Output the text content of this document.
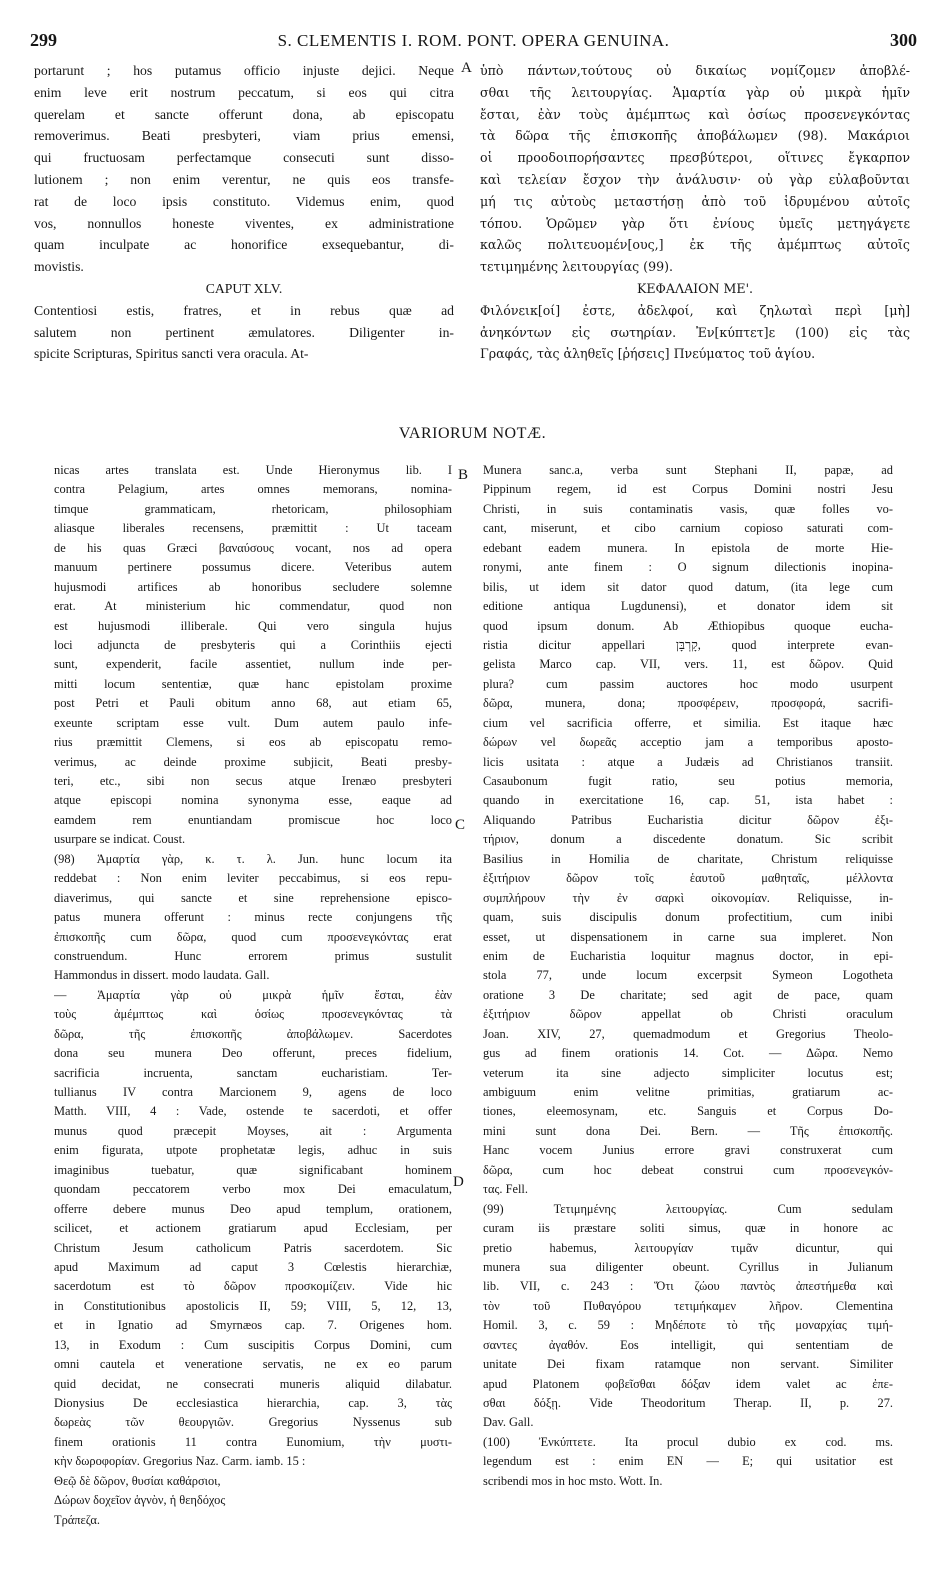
299	S. CLEMENTIS I. ROM. PONT. OPERA GENUINA.	300
portarunt ; hos putamus officio injuste dejici. Neque
enim leve erit nostrum peccatum, si eos qui citra
querelam et sancte offerunt dona, ab episcopatu
removerimus. Beati presbyteri, viam prius emensi,
qui fructuosam perfectamque consecuti sunt disso-
lutionem ; non enim verentur, ne quis eos transfe-
rat de loco ipsis constituto. Videmus enim, quod
vos, nonnullos honeste viventes, ex administratione
quam inculpate ac honorifice exsequebantur, di-
movistis.
CAPUT XLV.
Contentiosi estis, fratres, et in rebus quæ ad
salutem non pertinent æmulatores. Diligenter in-
spicite Scripturas, Spiritus sancti vera oracula. At-
ὑπὸ πάντων,τούτους οὐ δικαίως νομίζομεν ἀποβλέ-
σθαι τῆς λειτουργίας. Ἁμαρτία γὰρ οὐ μικρὰ ἡμῖν
ἔσται, ἐὰν τοὺς ἀμέμπτως καὶ ὁσίως προσενεγκόντας
τὰ δῶρα τῆς ἐπισκοπῆς ἀποβάλωμεν (98). Μακάριοι
οἱ προοδοιπορήσαντες πρεσβύτεροι, οἵτινες ἔγκαρπον
καὶ τελείαν ἔσχον τὴν ἀνάλυσιν· οὐ γὰρ εὐλαβοῦνται
μή τις αὐτοὺς μεταστήσῃ ἀπὸ τοῦ ἱδρυμένου αὐτοῖς
τόπου. Ὁρῶμεν γὰρ ὅτι ἐνίους ὑμεῖς μετηγάγετε
καλῶς πολιτευομέν[ους,] ἐκ τῆς ἀμέμπτως αὐτοῖς
τετιμημένης λειτουργίας (99).
ΚΕΦΑΛΑΙΟΝ ΜΕ'.
Φιλόνεικ[οί] ἐστε, ἀδελφοί, καὶ ζηλωταὶ περὶ [μὴ]
ἀνηκόντων εἰς σωτηρίαν. Ἐν[κύπτετ]ε (100) εἰς τὰς
Γραφάς, τὰς ἀληθεῖς [ῥήσεις] Πνεύματος τοῦ ἁγίου.
A
VARIORUM NOTÆ.
nicas artes translata est. Unde Hieronymus lib. I
contra Pelagium, artes omnes memorans, nomina-
timque grammaticam, rhetoricam, philosophiam
aliasque liberales recensens, præmittit : Ut taceam
de his quas Græci βαναύσους vocant, nos ad opera
manuum pertinere possumus dicere. Veteribus autem
hujusmodi artifices ab honoribus secludere solemne
erat. At ministerium hic commendatur, quod non
est hujusmodi illiberale. Qui vero singula hujus
loci adjuncta de presbyteris qui a Corinthiis ejecti
sunt, expenderit, facile assentiet, nullum inde per-
mitti locum sententiæ, quæ hanc epistolam proxime
post Petri et Pauli obitum anno 68, aut etiam 65,
exeunte scriptam esse vult. Dum autem paulo infe-
rius præmittit Clemens, si eos ab episcopatu remo-
verimus, ac deinde proxime subjicit, Beati presby-
teri, etc., sibi non secus atque Irenæo presbyteri
atque episcopi nomina synonyma esse, eaque ad
eamdem rem enuntiandam promiscue hoc loco
usurpare se indicat. Coust.
(98) Ἁμαρτία γὰρ, κ. τ. λ. Jun. hunc locum ita
reddebat : Non enim leviter peccabimus, si eos repu-
diaverimus, qui sancte et sine reprehensione episco-
patus munera offerunt : minus recte conjungens τῆς
ἐπισκοπῆς cum δῶρα, quod cum προσενεγκόντας erat
construendum. Hunc errorem primus sustulit
Hammondus in dissert. modo laudata. Gall.
— Ἁμαρτία γὰρ οὐ μικρὰ ἡμῖν ἔσται, ἐὰν
τοὺς ἀμέμπτως καὶ ὁσίως προσενεγκόντας τὰ
δῶρα, τῆς ἐπισκοπῆς ἀποβάλωμεν. Sacerdotes
dona seu munera Deo offerunt, preces fidelium,
sacrificia incruenta, sanctam eucharistiam. Ter-
tullianus IV contra Marcionem 9, agens de loco
Matth. VIII, 4 : Vade, ostende te sacerdoti, et offer
munus quod præcepit Moyses, ait : Argumenta
enim figurata, utpote prophetatæ legis, adhuc in suis
imaginibus tuebatur, quæ significabant hominem
quondam peccatorem verbo mox Dei emaculatum,
offerre debere munus Deo apud templum, orationem,
scilicet, et actionem gratiarum apud Ecclesiam, per
Christum Jesum catholicum Patris sacerdotem. Sic
apud Maximum ad caput 3 Cœlestis hierarchiæ,
sacerdotum est τὸ δῶρον προσκομίζειν. Vide hic
in Constitutionibus apostolicis II, 59; VIII, 5, 12, 13,
et in Ignatio ad Smyrnæos cap. 7. Origenes hom.
13, in Exodum : Cum suscipitis Corpus Domini, cum
omni cautela et veneratione servatis, ne ex eo parum
quid decidat, ne consecrati muneris aliquid dilabatur.
Dionysius De ecclesiastica hierarchia, cap. 3, τὰς
δωρεὰς τῶν θεουργιῶν. Gregorius Nyssenus sub
finem orationis 11 contra Eunomium, τὴν μυστι-
κὴν δωροφορίαν. Gregorius Naz. Carm. iamb. 15 :
Θεῷ δὲ δῶρον, θυσίαι καθάρσιοι,
Δώρων δοχεῖον ἁγνὸν, ἡ θεηδόχος
Τράπεζα.
Munera sanc.a, verba sunt Stephani II, papæ, ad
Pippinum regem, id est Corpus Domini nostri Jesu
Christi, in suis contaminatis vasis, quæ folles vo-
cant, miserunt, et cibo carnium copioso saturati com-
edebant eadem munera. In epistola de morte Hie-
ronymi, ante finem : O signum dilectionis inopina-
bilis, ut idem sit dator quod datum, (ita lege cum
editione antiqua Lugdunensi), et donator idem sit
quod ipsum donum. Ab Æthiopibus quoque eucha-
ristia dicitur appellari קָרְבָּן, quod interprete evan-
gelista Marco cap. VII, vers. 11, est δῶρον. Quid
plura? cum passim auctores hoc modo usurpent
δῶρα, munera, dona; προσφέρειν, προσφορά, sacrifi-
cium vel sacrificia offerre, et similia. Est itaque hæc
δώρων vel δωρεᾶς acceptio jam a temporibus aposto-
licis usitata : atque a Judæis ad Christianos transiit.
Casaubonum fugit ratio, seu potius memoria,
quando in exercitatione 16, cap. 51, ista habet :
Aliquando Patribus Eucharistia dicitur δῶρον ἐξι-
τήριον, donum a discedente donatum. Sic scribit
Basilius in Homilia de charitate, Christum reliquisse
ἐξιτήριον δῶρον τοῖς ἑαυτοῦ μαθηταῖς, μέλλοντα
συμπλήρουν τὴν ἐν σαρκὶ οἰκονομίαν. Reliquisse, in-
quam, suis discipulis donum profectitium, cum inibi
esset, ut dispensationem in carne sua impleret. Non
enim de Eucharistia loquitur magnus doctor, in epi-
stola 77, unde locum excerpsit Symeon Logotheta
oratione 3 De charitate; sed agit de pace, quam
ἐξιτήριον δῶρον appellat ob Christi oraculum
Joan. XIV, 27, quemadmodum et Gregorius Theolo-
gus ad finem orationis 14. Cot. — Δῶρα. Nemo
veterum ita sine adjecto simpliciter locutus est;
ambiguum enim velitne primitias, gratiarum ac-
tiones, eleemosynam, etc. Sanguis et Corpus Do-
mini sunt dona Dei. Bern. — Τῆς ἐπισκοπῆς.
Hanc vocem Junius errore gravi construxerat cum
δῶρα, cum hoc debeat construi cum προσενεγκόν-
τας. Fell.
(99) Τετιμημένης λειτουργίας. Cum sedulam
curam iis præstare soliti simus, quæ in honore ac
pretio habemus, λειτουργίαν τιμᾶν dicuntur, qui
munera sua diligenter obeunt. Cyrillus in Julianum
lib. VII, c. 243 : Ὅτι ζώου παντὸς ἀπεστήμεθα καὶ
τὸν τοῦ Πυθαγόρου τετιμήκαμεν λῆρον. Clementina
Homil. 3, c. 59 : Μηδέποτε τὸ τῆς μοναρχίας τιμή-
σαντες ἀγαθόν. Eos intelligit, qui sententiam de
unitate Dei fixam ratamque non servant. Similiter
apud Platonem φοβεῖσθαι δόξαν idem valet ac ἐπε-
σθαι δόξῃ. Vide Theodoritum Therap. II, p. 27.
Dav. Gall.
(100) Ἐνκύπτετε. Ita procul dubio ex cod. ms.
legendum est : enim EN — E; qui usitatior est
scribendi mos in hoc msto. Wott. In.
B
C
D
